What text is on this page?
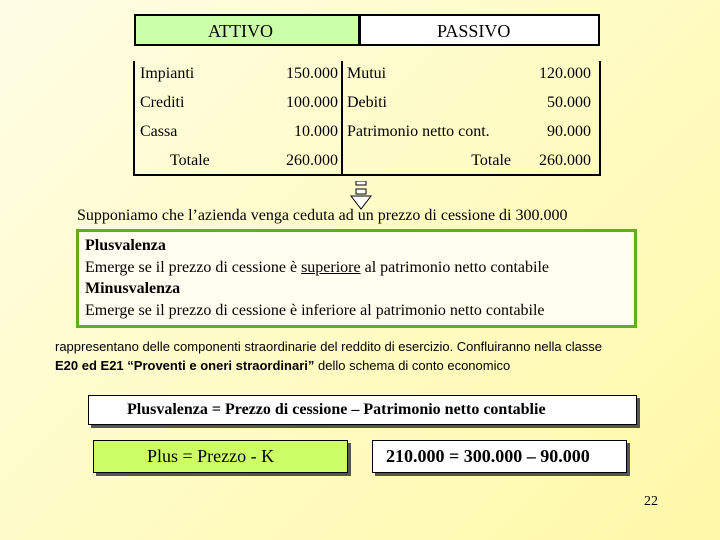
ATTIVO	PASSIVO
Impianti	150.000 Mutui	120.000
Crediti	100.000 Debiti	50.000
Cassa	10.000 Patrimonio netto cont.	90.000
Totale	260.000	Totale	260.000
Supponiamo che l’azienda venga ceduta ad un prezzo di cessione di 300.000
Plusvalenza
Emerge se il prezzo di cessione è superiore al patrimonio netto contabile
Minusvalenza
Emerge se il prezzo di cessione è inferiore al patrimonio netto contabile
rappresentano delle componenti straordinarie del reddito di esercizio. Confluiranno nella classe
E20 ed E21 “Proventi e oneri straordinari” dello schema di conto economico
Plusvalenza = Prezzo di cessione – Patrimonio netto contablie
Plus = Prezzo - K	210.000 = 300.000 – 90.000
22
